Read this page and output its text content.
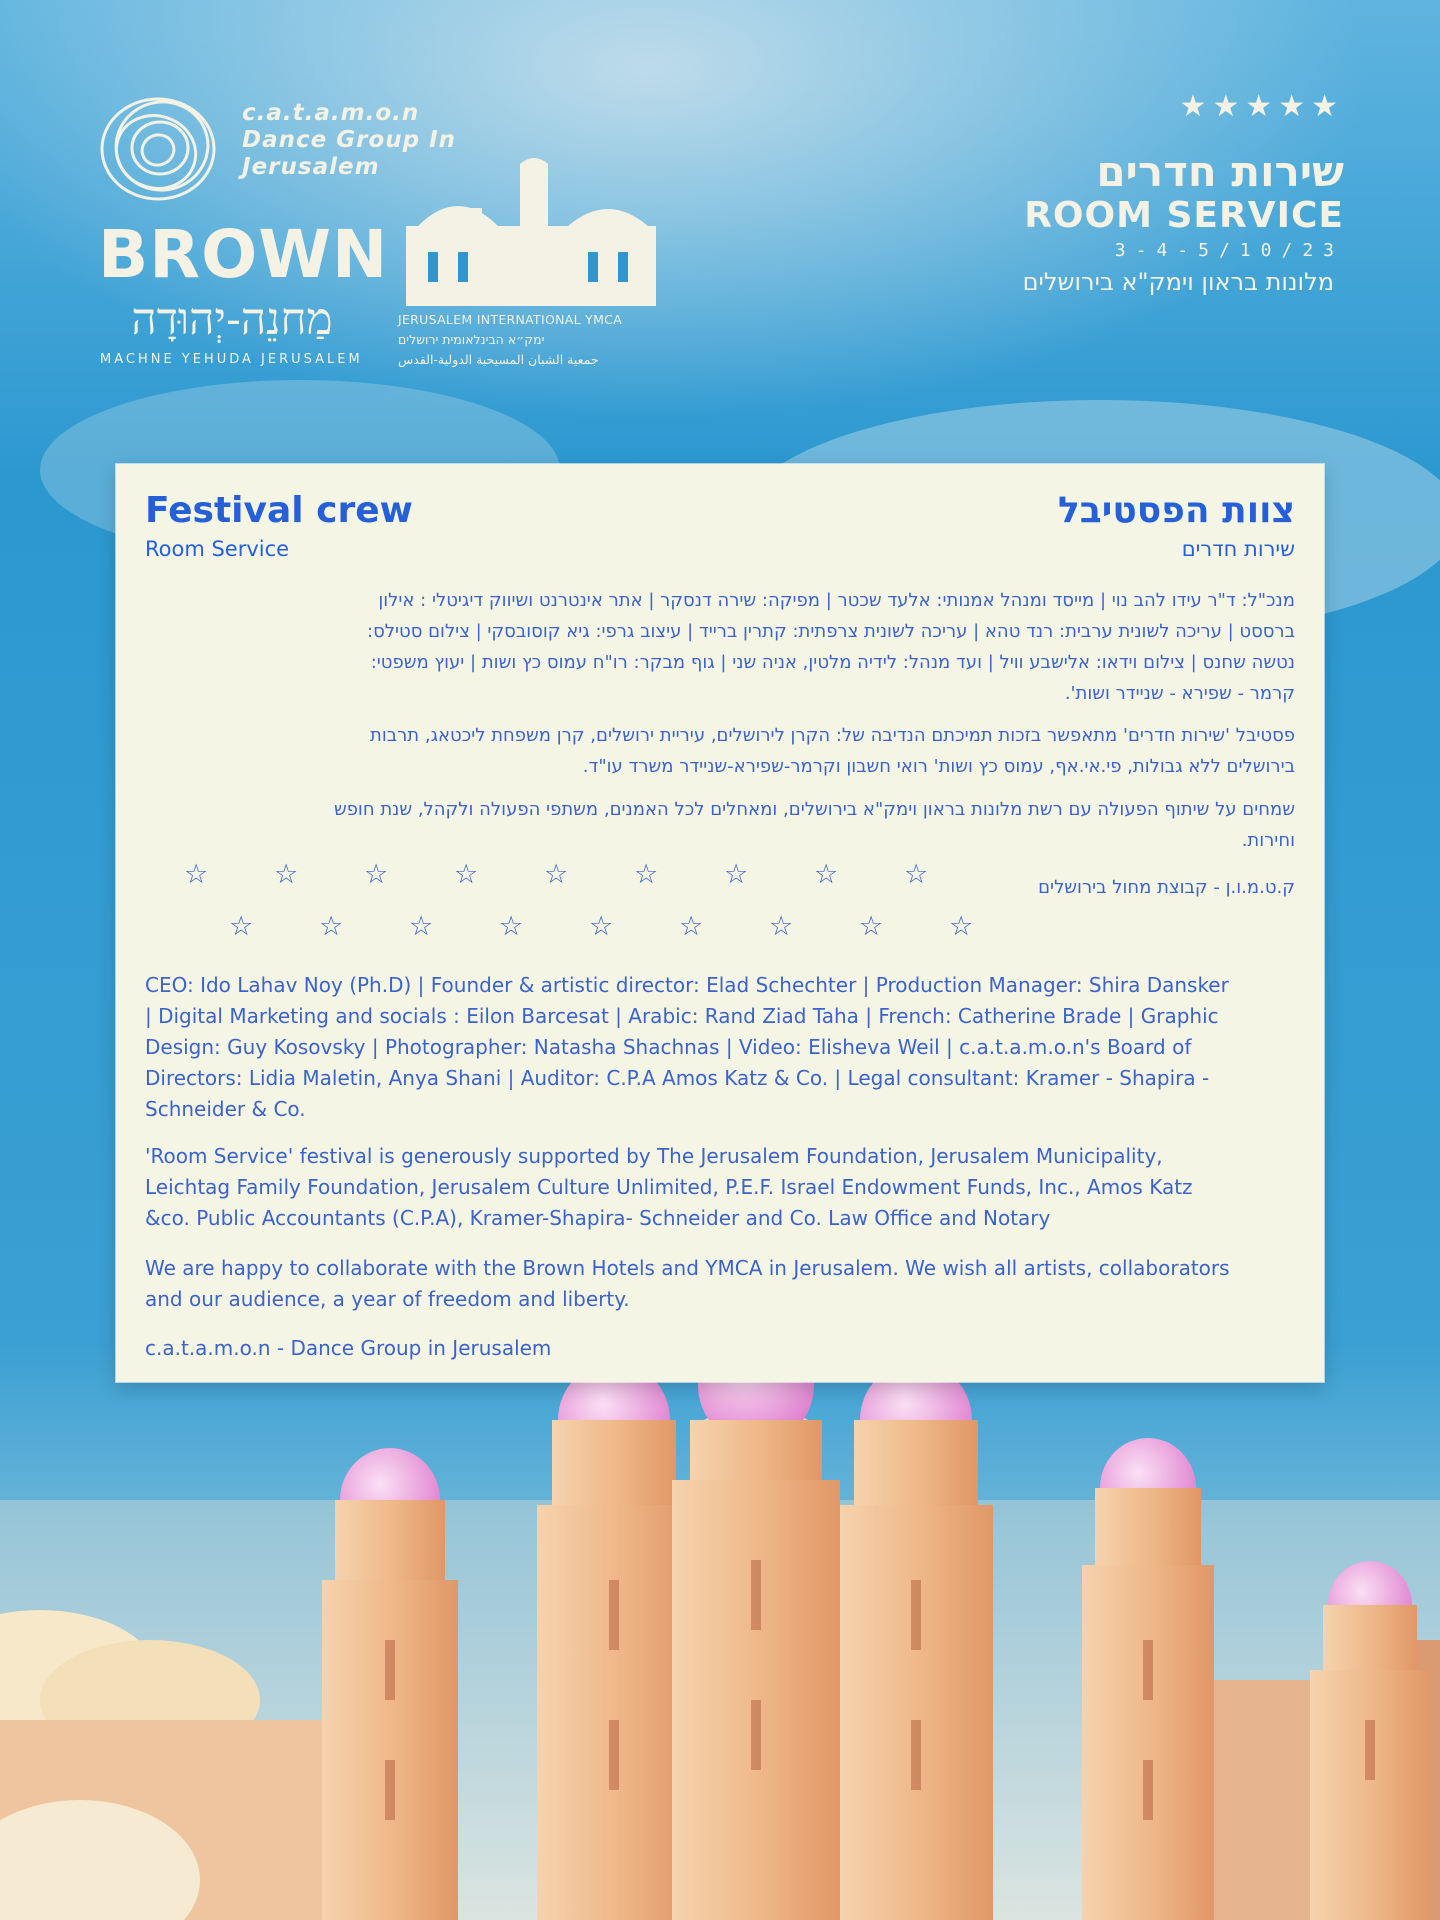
c.a.t.a.m.o.n
Dance Group In
Jerusalem
BROWN
מַחנֵה-יְהוּדָה
MACHNE YEHUDA JERUSALEM
JERUSALEM INTERNATIONAL YMCA
ימק״א הבינלאומית ירושלים
جمعية الشبان المسيحية الدولية-القدس
★★★★★
שירות חדרים
ROOM SERVICE
3-4-5/10/23
מלונות בראון וימק"א בירושלים
Festival crew
Room Service
צוות הפסטיבל
שירות חדרים
מנכ"ל: ד"ר עידו להב נוי | מייסד ומנהל אמנותי: אלעד שכטר | מפיקה: שירה דנסקר | אתר אינטרנט ושיווק דיגיטלי : אילון
ברססט | עריכה לשונית ערבית: רנד טהא | עריכה לשונית צרפתית: קתרין ברייד | עיצוב גרפי: גיא קוסובסקי | צילום סטילס:
נטשה שחנס | צילום וידאו: אלישבע וויל | ועד מנהל: לידיה מלטין, אניה שני | גוף מבקר: רו"ח עמוס כץ ושות | יעוץ משפטי:
קרמר - שפירא - שניידר ושות'.
פסטיבל 'שירות חדרים' מתאפשר בזכות תמיכתם הנדיבה של: הקרן לירושלים, עיריית ירושלים, קרן משפחת ליכטאג, תרבות
בירושלים ללא גבולות, פי.אי.אף, עמוס כץ ושות' רואי חשבון וקרמר-שפירא-שניידר משרד עו"ד.
שמחים על שיתוף הפעולה עם רשת מלונות בראון וימק"א בירושלים, ומאחלים לכל האמנים, משתפי הפעולה ולקהל, שנת חופש
וחירות.
ק.ט.מ.ו.ן - קבוצת מחול בירושלים
☆ ☆ ☆ ☆ ☆ ☆ ☆ ☆ ☆
☆ ☆ ☆ ☆ ☆ ☆ ☆ ☆ ☆
CEO: Ido Lahav Noy (Ph.D) | Founder & artistic director: Elad Schechter | Production Manager: Shira Dansker
| Digital Marketing and socials : Eilon Barcesat | Arabic: Rand Ziad Taha | French: Catherine Brade | Graphic
Design: Guy Kosovsky | Photographer: Natasha Shachnas | Video: Elisheva Weil | c.a.t.a.m.o.n's Board of
Directors: Lidia Maletin, Anya Shani | Auditor: C.P.A Amos Katz & Co. | Legal consultant: Kramer - Shapira -
Schneider & Co.
'Room Service' festival is generously supported by The Jerusalem Foundation, Jerusalem Municipality,
Leichtag Family Foundation, Jerusalem Culture Unlimited, P.E.F. Israel Endowment Funds, Inc., Amos Katz
&co. Public Accountants (C.P.A), Kramer-Shapira- Schneider and Co. Law Office and Notary
We are happy to collaborate with the Brown Hotels and YMCA in Jerusalem. We wish all artists, collaborators
and our audience, a year of freedom and liberty.
c.a.t.a.m.o.n - Dance Group in Jerusalem
